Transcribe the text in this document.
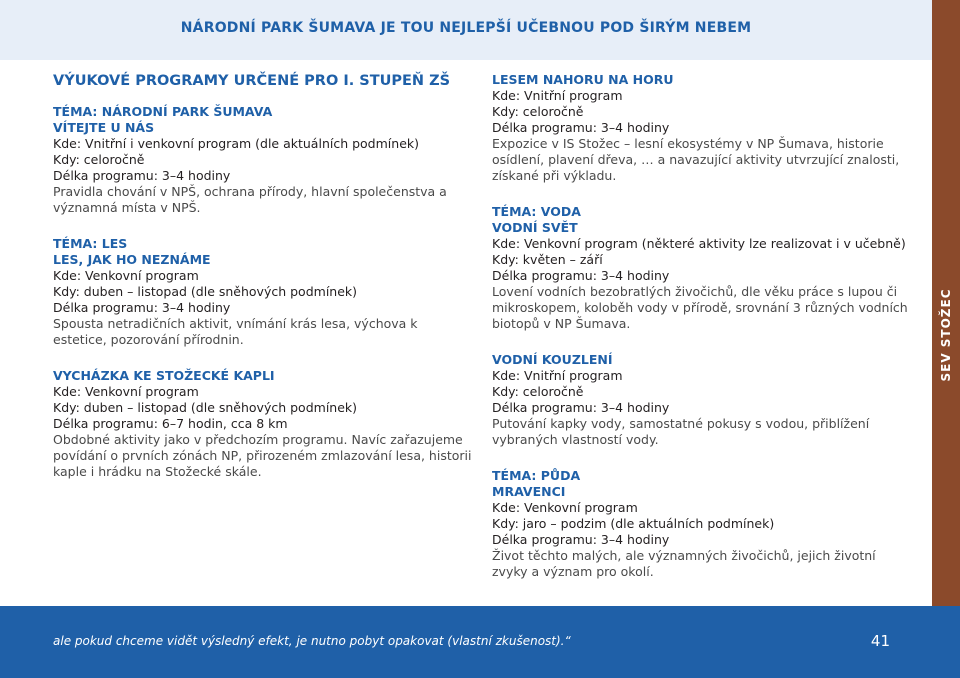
NÁRODNÍ PARK ŠUMAVA JE TOU NEJLEPŠÍ UČEBNOU POD ŠIRÝM NEBEM
SEV STOŽEC
VÝUKOVÉ PROGRAMY URČENÉ PRO I. STUPEŇ ZŠ
TÉMA: NÁRODNÍ PARK ŠUMAVA
VÍTEJTE U NÁS
Kde: Vnitřní i venkovní program (dle aktuálních podmínek)
Kdy: celoročně
Délka programu: 3–4 hodiny
Pravidla chování v NPŠ, ochrana přírody, hlavní společenstva a významná místa v NPŠ.
TÉMA: LES
LES, JAK HO NEZNÁME
Kde: Venkovní program
Kdy: duben – listopad (dle sněhových podmínek)
Délka programu: 3–4 hodiny
Spousta netradičních aktivit, vnímání krás lesa, výchova k estetice, pozorování přírodnin.
VYCHÁZKA KE STOŽECKÉ KAPLI
Kde: Venkovní program
Kdy: duben – listopad (dle sněhových podmínek)
Délka programu: 6–7 hodin, cca 8 km
Obdobné aktivity jako v předchozím programu. Navíc zařazujeme povídání o prvních zónách NP, přirozeném zmlazování lesa, historii kaple i hrádku na Stožecké skále.
LESEM NAHORU NA HORU
Kde: Vnitřní program
Kdy: celoročně
Délka programu: 3–4 hodiny
Expozice v IS Stožec – lesní ekosystémy v NP Šumava, historie osídlení, plavení dřeva, … a navazující aktivity utvrzující znalosti, získané při výkladu.
TÉMA: VODA
VODNÍ SVĚT
Kde: Venkovní program (některé aktivity lze realizovat i v učebně)
Kdy: květen – září
Délka programu: 3–4 hodiny
Lovení vodních bezobratlých živočichů, dle věku práce s lupou či mikroskopem, koloběh vody v přírodě, srovnání 3 různých vodních biotopů v NP Šumava.
VODNÍ KOUZLENÍ
Kde: Vnitřní program
Kdy: celoročně
Délka programu: 3–4 hodiny
Putování kapky vody, samostatné pokusy s vodou, přiblížení vybraných vlastností vody.
TÉMA: PŮDA
MRAVENCI
Kde: Venkovní program
Kdy: jaro – podzim (dle aktuálních podmínek)
Délka programu: 3–4 hodiny
Život těchto malých, ale významných živočichů, jejich životní zvyky a význam pro okolí.
ale pokud chceme vidět výsledný efekt, je nutno pobyt opakovat (vlastní zkušenost).“	41
